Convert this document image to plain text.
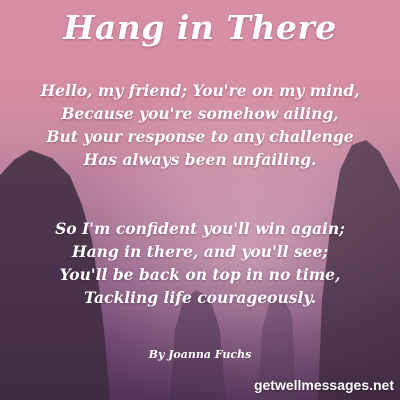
Hang in There
Hello, my friend; You're on my mind,
Because you're somehow ailing,
But your response to any challenge
Has always been unfailing.
So I'm confident you'll win again;
Hang in there, and you'll see;
You'll be back on top in no time,
Tackling life courageously.
By Joanna Fuchs
getwellmessages.net
